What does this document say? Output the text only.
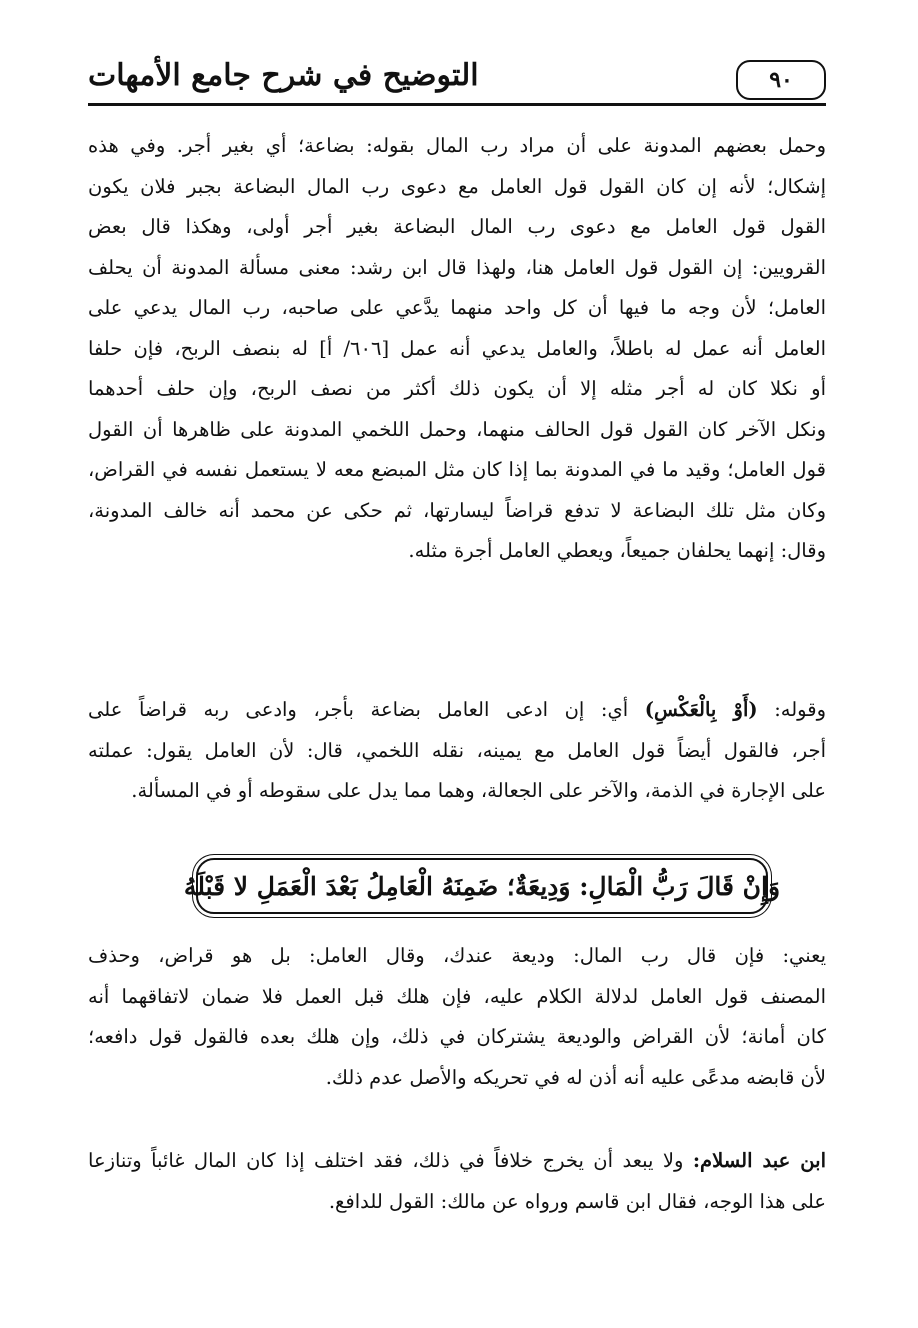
٩٠
التوضيح في شرح جامع الأمهات
وحمل بعضهم المدونة على أن مراد رب المال بقوله: بضاعة؛ أي بغير أجر. وفي هذه
إشكال؛ لأنه إن كان القول قول العامل مع دعوى رب المال البضاعة بجبر فلان يكون
القول قول العامل مع دعوى رب المال البضاعة بغير أجر أولى، وهكذا قال بعض
القرويين: إن القول قول العامل هنا، ولهذا قال ابن رشد: معنى مسألة المدونة أن يحلف
العامل؛ لأن وجه ما فيها أن كل واحد منهما يدَّعي على صاحبه، رب المال يدعي على
العامل أنه عمل له باطلاً، والعامل يدعي أنه عمل [٦٠٦/ أ] له بنصف الربح، فإن حلفا
أو نكلا كان له أجر مثله إلا أن يكون ذلك أكثر من نصف الربح، وإن حلف أحدهما
ونكل الآخر كان القول قول الحالف منهما، وحمل اللخمي المدونة على ظاهرها أن القول
قول العامل؛ وقيد ما في المدونة بما إذا كان مثل المبضع معه لا يستعمل نفسه في القراض،
وكان مثل تلك البضاعة لا تدفع قراضاً ليسارتها، ثم حكى عن محمد أنه خالف المدونة،
وقال: إنهما يحلفان جميعاً، ويعطي العامل أجرة مثله.
وقوله: (أَوْ بِالْعَكْسِ) أي: إن ادعى العامل بضاعة بأجر، وادعى ربه قراضاً على
أجر، فالقول أيضاً قول العامل مع يمينه، نقله اللخمي، قال: لأن العامل يقول: عملته
على الإجارة في الذمة، والآخر على الجعالة، وهما مما يدل على سقوطه أو في المسألة.
وَإِنْ قَالَ رَبُّ الْمَالِ: وَدِيعَةٌ؛ ضَمِنَهُ الْعَامِلُ بَعْدَ الْعَمَلِ لا قَبْلَهُ
يعني: فإن قال رب المال: وديعة عندك، وقال العامل: بل هو قراض، وحذف
المصنف قول العامل لدلالة الكلام عليه، فإن هلك قبل العمل فلا ضمان لاتفاقهما أنه
كان أمانة؛ لأن القراض والوديعة يشتركان في ذلك، وإن هلك بعده فالقول قول دافعه؛
لأن قابضه مدعًى عليه أنه أذن له في تحريكه والأصل عدم ذلك.
ابن عبد السلام: ولا يبعد أن يخرج خلافاً في ذلك، فقد اختلف إذا كان المال غائباً وتنازعا
على هذا الوجه، فقال ابن قاسم ورواه عن مالك: القول للدافع.
